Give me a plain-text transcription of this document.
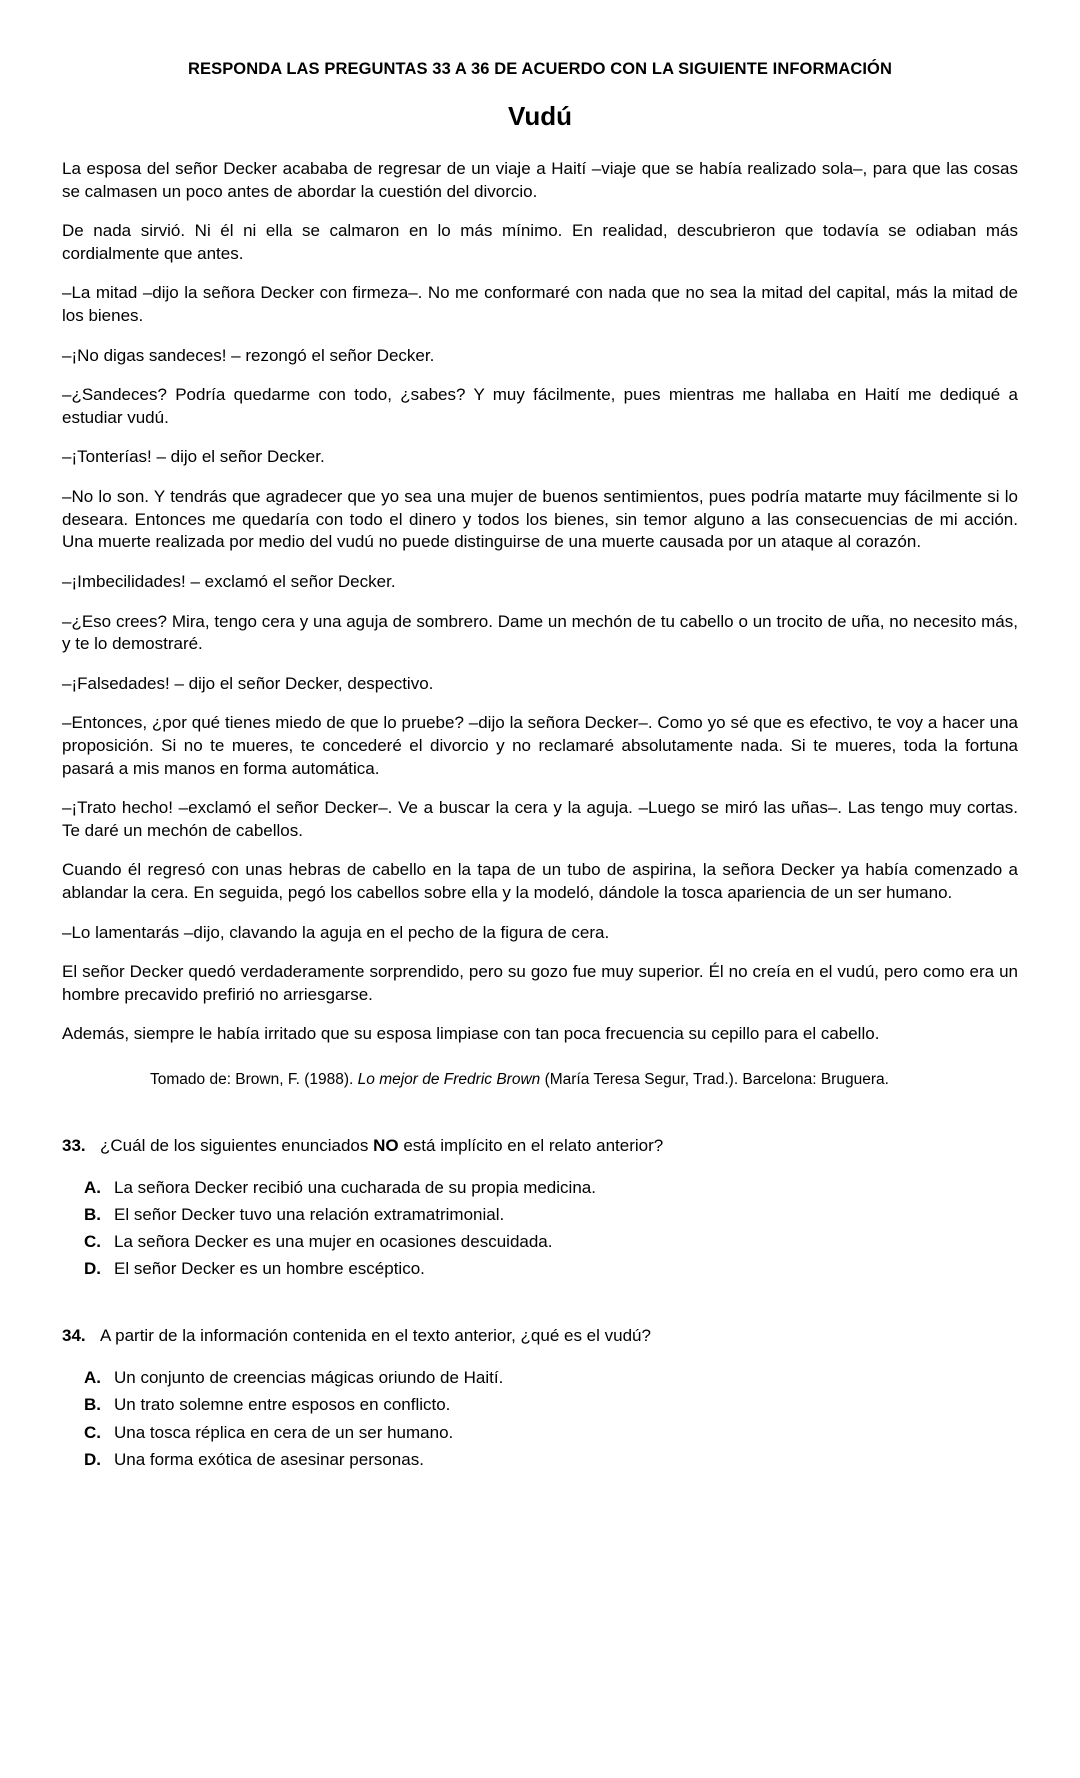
RESPONDA LAS PREGUNTAS 33 A 36 DE ACUERDO CON LA SIGUIENTE INFORMACIÓN
Vudú

La esposa del señor Decker acababa de regresar de un viaje a Haití –viaje que se había realizado sola–, para que las cosas se calmasen un poco antes de abordar la cuestión del divorcio.

De nada sirvió. Ni él ni ella se calmaron en lo más mínimo. En realidad, descubrieron que todavía se odiaban más cordialmente que antes.

–La mitad –dijo la señora Decker con firmeza–. No me conformaré con nada que no sea la mitad del capital, más la mitad de los bienes.

–¡No digas sandeces! – rezongó el señor Decker.

–¿Sandeces? Podría quedarme con todo, ¿sabes? Y muy fácilmente, pues mientras me hallaba en Haití me dediqué a estudiar vudú.

–¡Tonterías! – dijo el señor Decker.

–No lo son. Y tendrás que agradecer que yo sea una mujer de buenos sentimientos, pues podría matarte muy fácilmente si lo deseara. Entonces me quedaría con todo el dinero y todos los bienes, sin temor alguno a las consecuencias de mi acción. Una muerte realizada por medio del vudú no puede distinguirse de una muerte causada por un ataque al corazón.

–¡Imbecilidades! – exclamó el señor Decker.

–¿Eso crees? Mira, tengo cera y una aguja de sombrero. Dame un mechón de tu cabello o un trocito de uña, no necesito más, y te lo demostraré.

–¡Falsedades! – dijo el señor Decker, despectivo.

–Entonces, ¿por qué tienes miedo de que lo pruebe? –dijo la señora Decker–. Como yo sé que es efectivo, te voy a hacer una proposición. Si no te mueres, te concederé el divorcio y no reclamaré absolutamente nada. Si te mueres, toda la fortuna pasará a mis manos en forma automática.

–¡Trato hecho! –exclamó el señor Decker–. Ve a buscar la cera y la aguja. –Luego se miró las uñas–. Las tengo muy cortas. Te daré un mechón de cabellos.

Cuando él regresó con unas hebras de cabello en la tapa de un tubo de aspirina, la señora Decker ya había comenzado a ablandar la cera. En seguida, pegó los cabellos sobre ella y la modeló, dándole la tosca apariencia de un ser humano.

–Lo lamentarás –dijo, clavando la aguja en el pecho de la figura de cera.

El señor Decker quedó verdaderamente sorprendido, pero su gozo fue muy superior. Él no creía en el vudú, pero como era un hombre precavido prefirió no arriesgarse.

Además, siempre le había irritado que su esposa limpiase con tan poca frecuencia su cepillo para el cabello.

Tomado de: Brown, F. (1988). Lo mejor de Fredric Brown (María Teresa Segur, Trad.). Barcelona: Bruguera.
33. ¿Cuál de los siguientes enunciados NO está implícito en el relato anterior?
A. La señora Decker recibió una cucharada de su propia medicina.
B. El señor Decker tuvo una relación extramatrimonial.
C. La señora Decker es una mujer en ocasiones descuidada.
D. El señor Decker es un hombre escéptico.
34. A partir de la información contenida en el texto anterior, ¿qué es el vudú?
A. Un conjunto de creencias mágicas oriundo de Haití.
B. Un trato solemne entre esposos en conflicto.
C. Una tosca réplica en cera de un ser humano.
D. Una forma exótica de asesinar personas.
